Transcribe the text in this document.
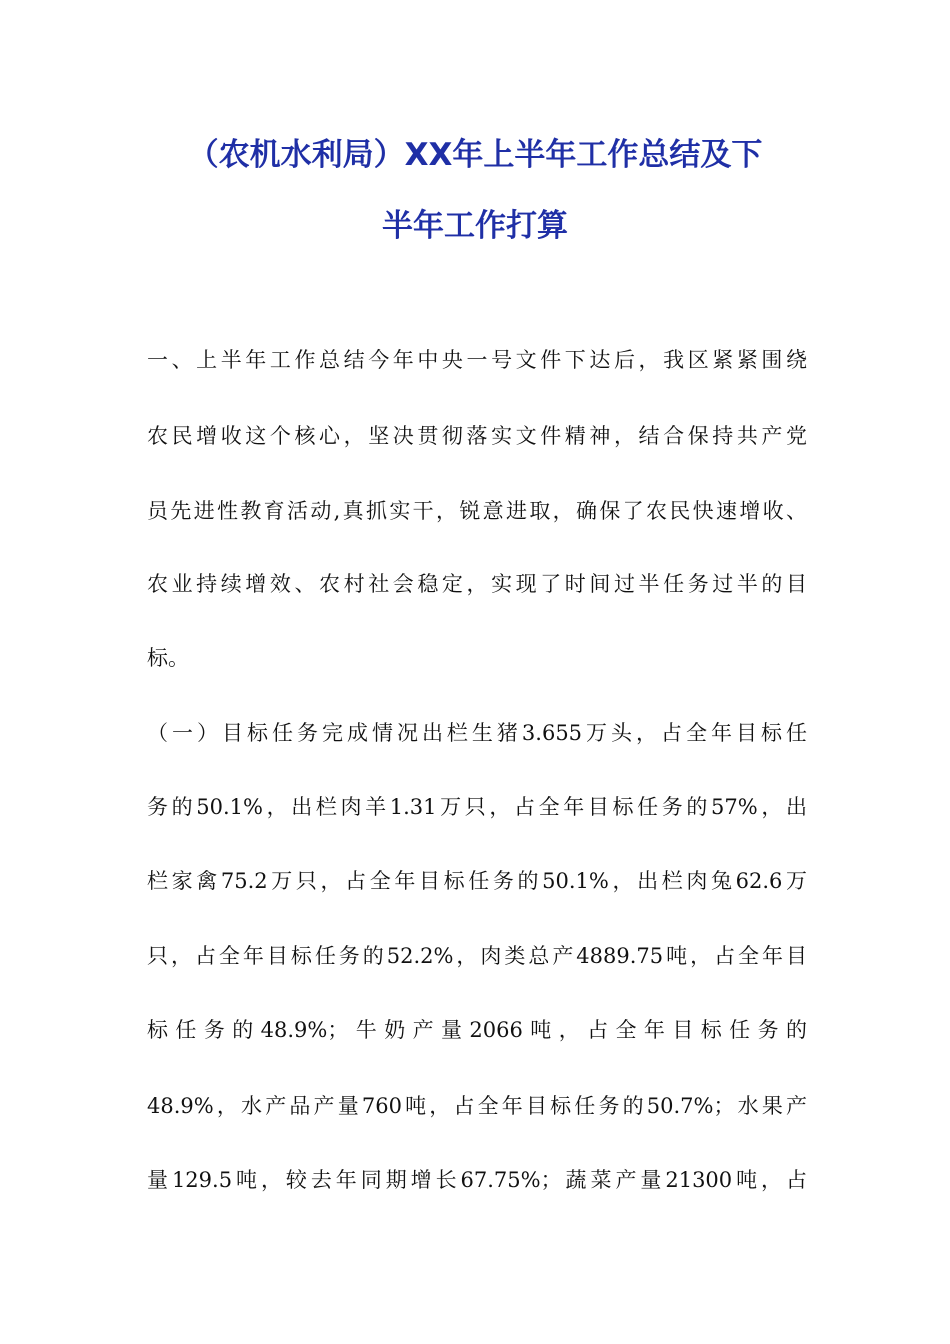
（农机水利局）XX年上半年工作总结及下
半年工作打算

一、上半年工作总结今年中央一号文件下达后，我区紧紧围绕

农民增收这个核心，坚决贯彻落实文件精神，结合保持共产党

员先进性教育活动,真抓实干，锐意进取，确保了农民快速增收、

农业持续增效、农村社会稳定，实现了时间过半任务过半的目

标。

（一）目标任务完成情况出栏生猪3.655万头，占全年目标任

务的50.1%，出栏肉羊1.31万只，占全年目标任务的57%，出

栏家禽75.2万只，占全年目标任务的50.1%，出栏肉兔62.6万

只，占全年目标任务的52.2%，肉类总产4889.75吨，占全年目

标任务的48.9%；牛奶产量2066吨，占全年目标任务的

48.9%，水产品产量760吨，占全年目标任务的50.7%；水果产

量129.5吨，较去年同期增长67.75%；蔬菜产量21300吨，占
